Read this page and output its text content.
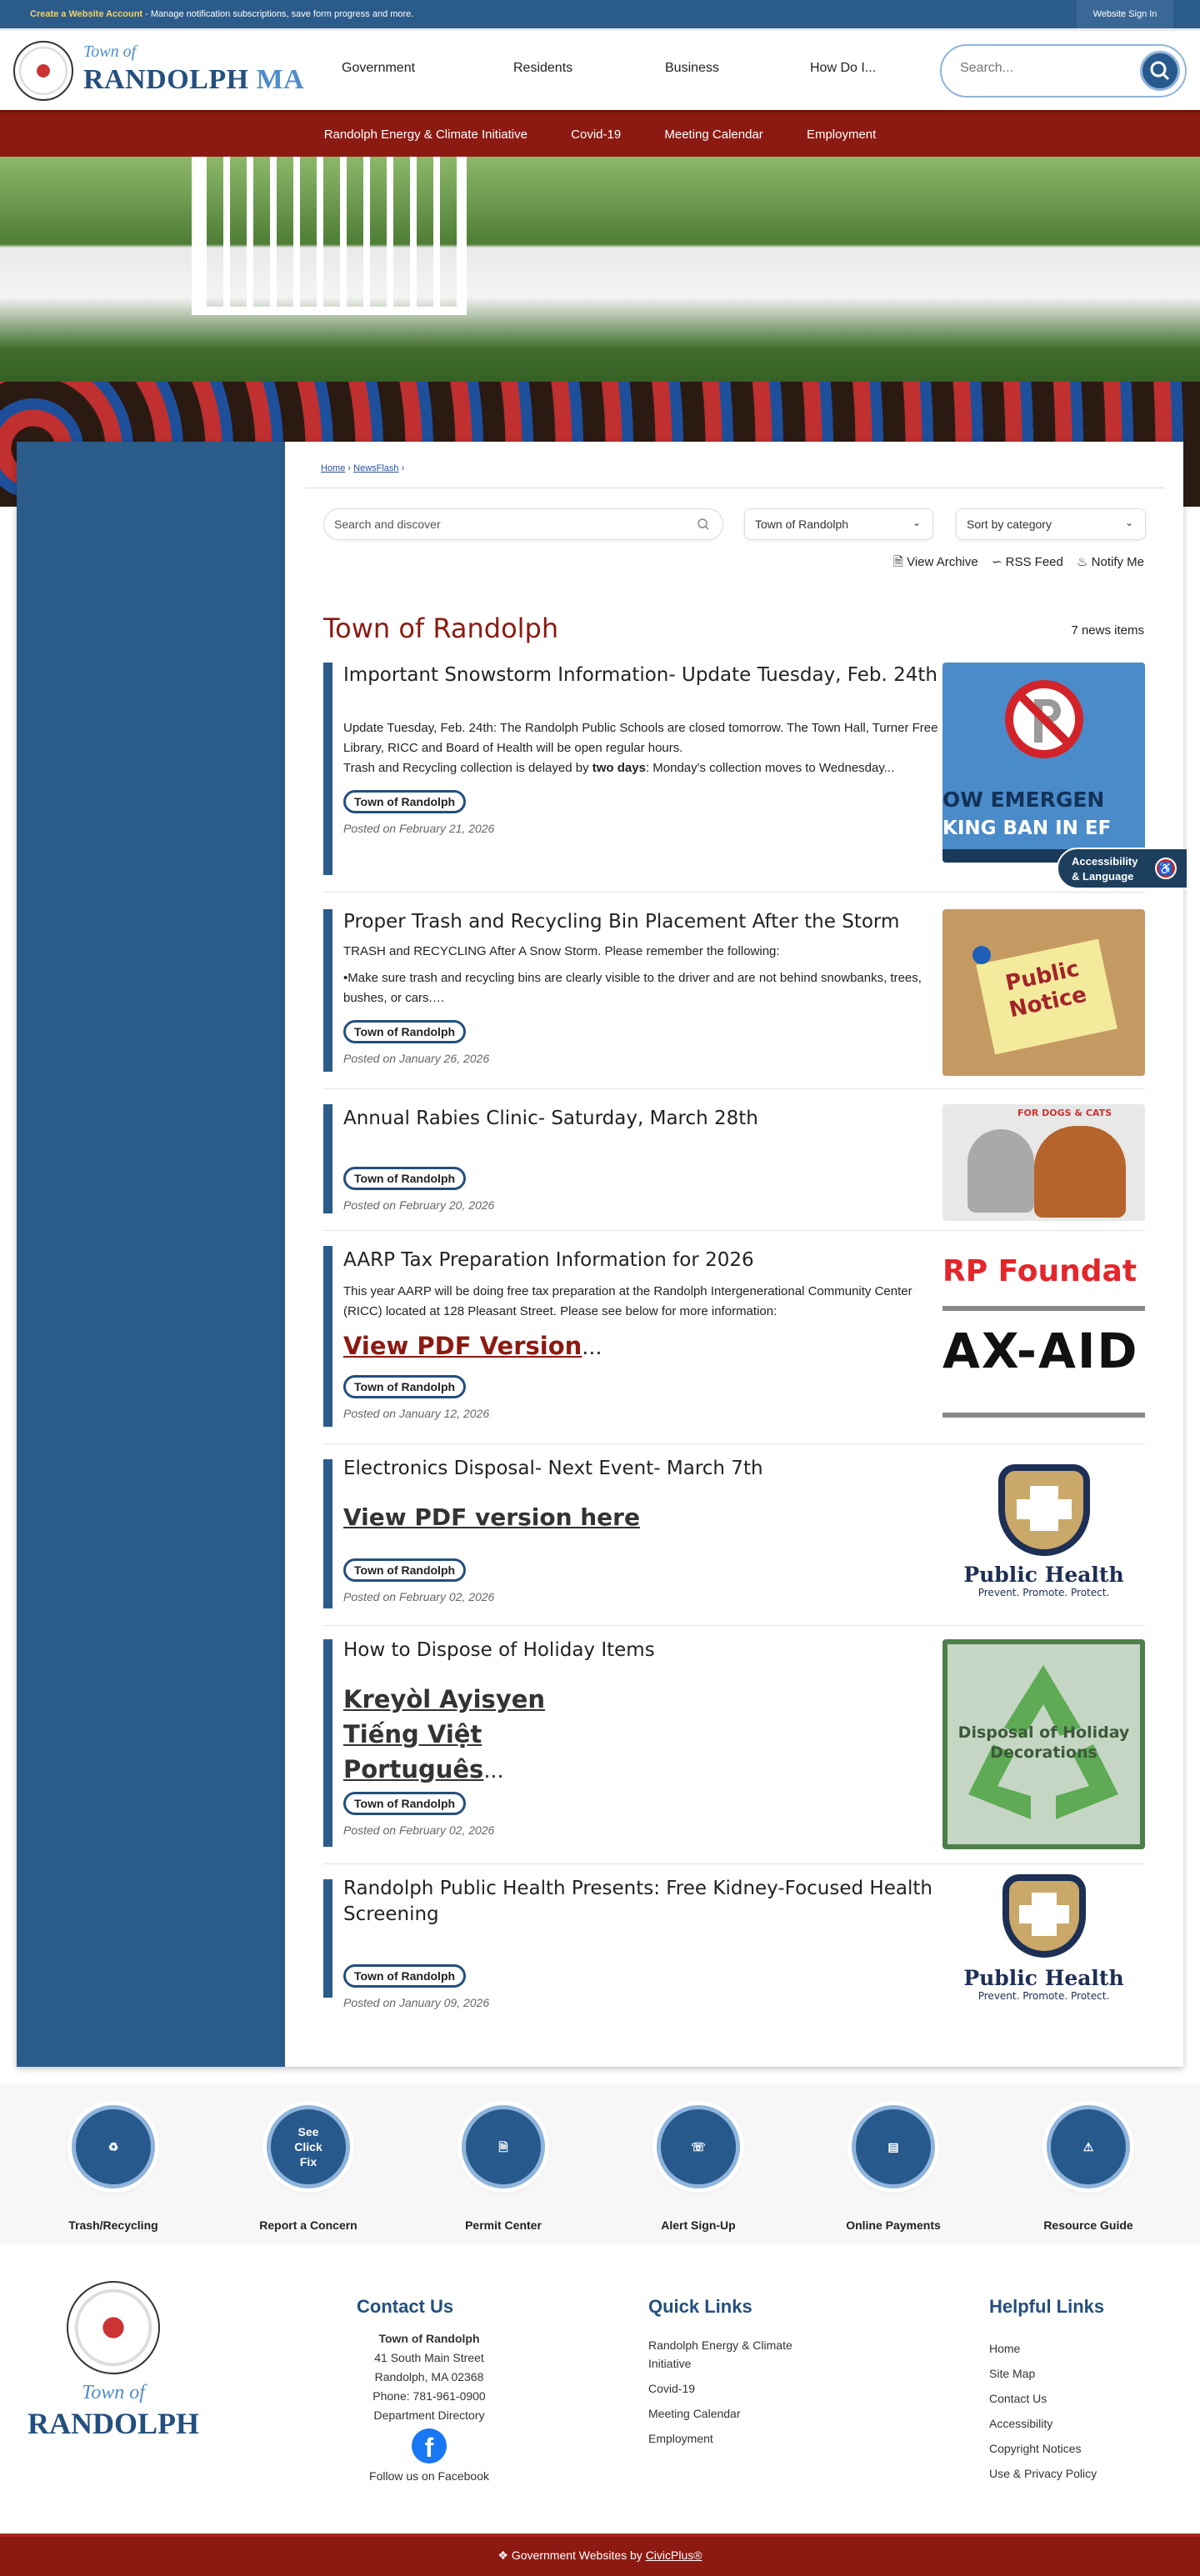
Create a Website Account - Manage notification subscriptions, save form progress and more.	Website Sign In
Town of
RANDOLPH MA	Government	Residents	Business	How Do I...
Search...
Randolph Energy & Climate Initiative	Covid-19	Meeting Calendar	Employment
Home › NewsFlash ›
Search and discover	Town of Randolph	⌄	Sort by category	⌄
🗎 View Archive ∽ RSS Feed ♨ Notify Me
Town of Randolph	7 news items
Important Snowstorm Information- Update Tuesday, Feb. 24th

Update Tuesday, Feb. 24th: The Randolph Public Schools are closed tomorrow. The Town Hall, Turner Free Library, RICC and Board of Health will be open regular hours.
Trash and Recycling collection is delayed by two days: Monday's collection moves to Wednesday...

Town of Randolph
Posted on February 21, 2026
OW EMERGEN
KING BAN IN EF
Proper Trash and Recycling Bin Placement After the Storm

TRASH and RECYCLING After A Snow Storm. Please remember the following:

•Make sure trash and recycling bins are clearly visible to the driver and are not behind snowbanks, trees, bushes, or cars.…

Town of Randolph
Posted on January 26, 2026
Public Notice
Annual Rabies Clinic- Saturday, March 28th
Town of Randolph
Posted on February 20, 2026
FOR DOGS & CATS
AARP Tax Preparation Information for 2026

This year AARP will be doing free tax preparation at the Randolph Intergenerational Community Center (RICC) located at 128 Pleasant Street. Please see below for more information:

View PDF Version...
Town of Randolph
Posted on January 12, 2026
RP Foundat
AX-AID
Electronics Disposal- Next Event- March 7th
View PDF version here
Town of Randolph
Posted on February 02, 2026
Public Health
Prevent. Promote. Protect.
How to Dispose of Holiday Items
Kreyòl Ayisyen
Tiếng Việt
Português...
Town of Randolph
Posted on February 02, 2026
Disposal of Holiday Decorations
Randolph Public Health Presents: Free Kidney-Focused Health Screening
Town of Randolph
Posted on January 09, 2026
Public Health
Prevent. Promote. Protect.
Accessibility
& Language
♿
♻
Trash/Recycling
See Click Fix
Report a Concern
🗎
Permit Center
☏
Alert Sign-Up
▤
Online Payments
⚠
Resource Guide
Town of
RANDOLPH
Contact Us
Town of Randolph
41 South Main Street
Randolph, MA 02368
Phone: 781-961-0900
Department Directory
f
Follow us on Facebook
Quick Links
Randolph Energy & Climate Initiative
Covid-19
Meeting Calendar
Employment
Helpful Links
Home
Site Map
Contact Us
Accessibility
Copyright Notices
Use & Privacy Policy
❖ Government Websites by CivicPlus®
